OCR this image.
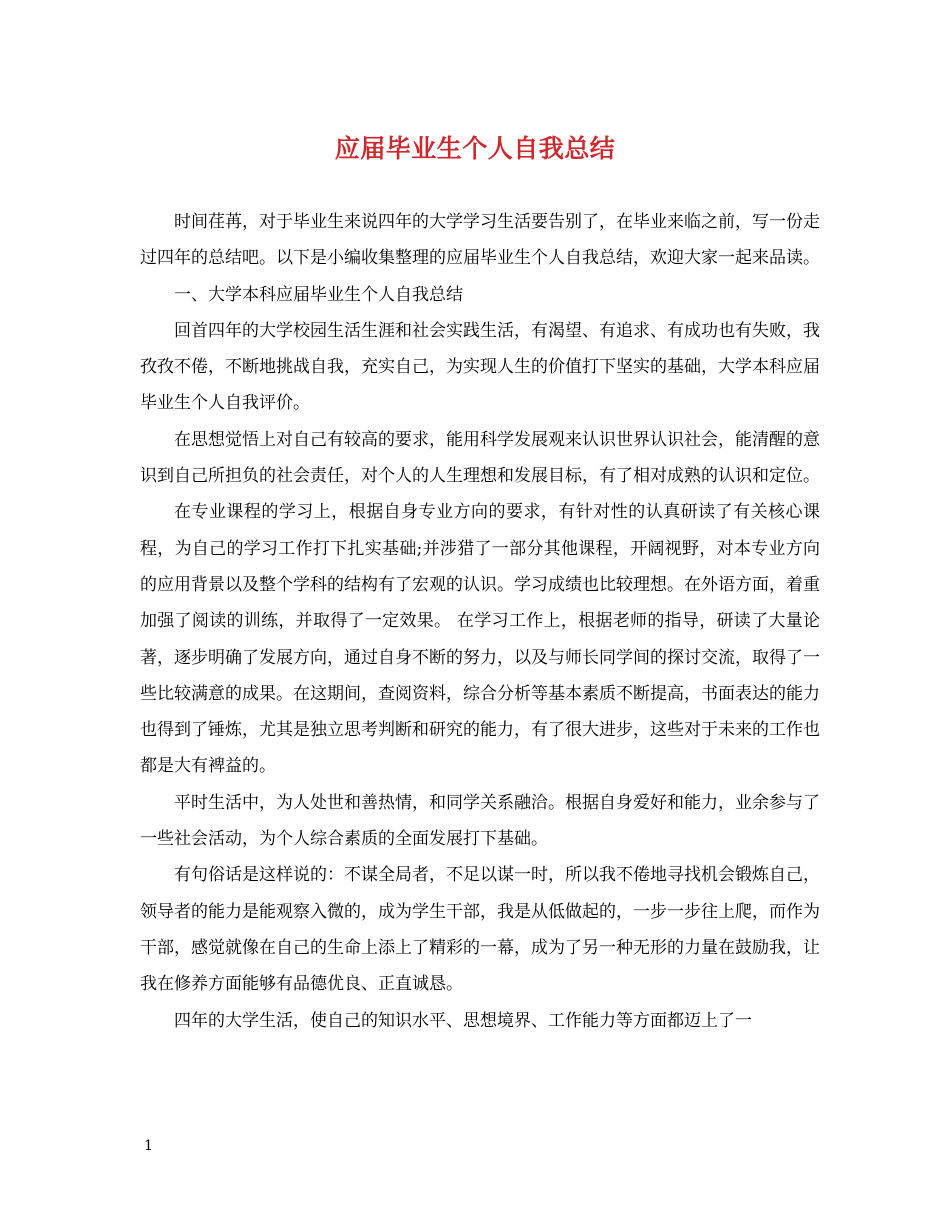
应届毕业生个人自我总结

时间荏苒，对于毕业生来说四年的大学学习生活要告别了，在毕业来临之前，写一份走过四年的总结吧。以下是小编收集整理的应届毕业生个人自我总结，欢迎大家一起来品读。

一、大学本科应届毕业生个人自我总结

回首四年的大学校园生活生涯和社会实践生活，有渴望、有追求、有成功也有失败，我孜孜不倦，不断地挑战自我，充实自己，为实现人生的价值打下坚实的基础，大学本科应届毕业生个人自我评价。

在思想觉悟上对自己有较高的要求，能用科学发展观来认识世界认识社会，能清醒的意识到自己所担负的社会责任，对个人的人生理想和发展目标，有了相对成熟的认识和定位。

在专业课程的学习上，根据自身专业方向的要求，有针对性的认真研读了有关核心课程，为自己的学习工作打下扎实基础;并涉猎了一部分其他课程，开阔视野，对本专业方向的应用背景以及整个学科的结构有了宏观的认识。学习成绩也比较理想。在外语方面，着重加强了阅读的训练，并取得了一定效果。 在学习工作上，根据老师的指导，研读了大量论著，逐步明确了发展方向，通过自身不断的努力，以及与师长同学间的探讨交流，取得了一些比较满意的成果。在这期间，查阅资料，综合分析等基本素质不断提高，书面表达的能力也得到了锤炼，尤其是独立思考判断和研究的能力，有了很大进步，这些对于未来的工作也都是大有裨益的。

平时生活中，为人处世和善热情，和同学关系融洽。根据自身爱好和能力，业余参与了一些社会活动，为个人综合素质的全面发展打下基础。

有句俗话是这样说的：不谋全局者，不足以谋一时，所以我不倦地寻找机会锻炼自己，领导者的能力是能观察入微的，成为学生干部，我是从低做起的，一步一步往上爬，而作为干部，感觉就像在自己的生命上添上了精彩的一幕，成为了另一种无形的力量在鼓励我，让我在修养方面能够有品德优良、正直诚恳。

四年的大学生活，使自己的知识水平、思想境界、工作能力等方面都迈上了一

1
